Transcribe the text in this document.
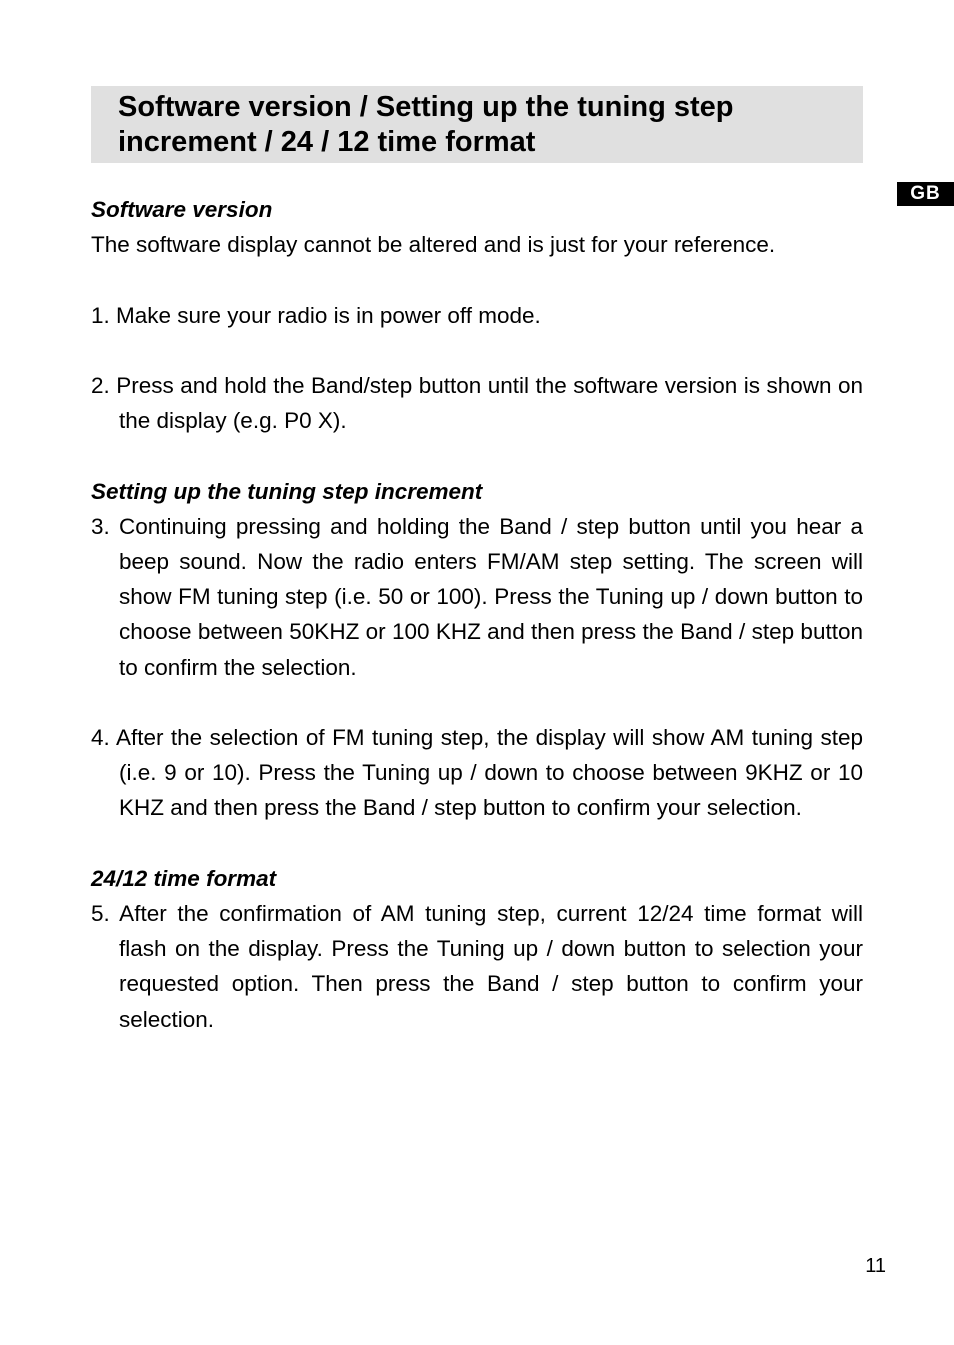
Software version / Setting up the tuning step
increment / 24 / 12 time format
GB

Software version

The software display cannot be altered and is just for your reference.

1. Make sure your radio is in power off mode.

2. Press and hold the Band/step button until the software version is shown on the display (e.g. P0 X).

Setting up the tuning step increment

3. Continuing pressing and holding the Band / step button until you hear a beep sound. Now the radio enters FM/AM step setting. The screen will show FM tuning step (i.e. 50 or 100). Press the Tuning up / down button to choose between 50KHZ or 100 KHZ and then press the Band / step button to confirm the selection.

4. After the selection of FM tuning step, the display will show AM tuning step (i.e. 9 or 10). Press the Tuning up / down to choose between 9KHZ or 10 KHZ and then press the Band / step button to confirm your selection.

24/12 time format

5. After the confirmation of AM tuning step, current 12/24 time format will flash on the display. Press the Tuning up / down button to selection your requested option. Then press the Band / step button to confirm your selection.

11
